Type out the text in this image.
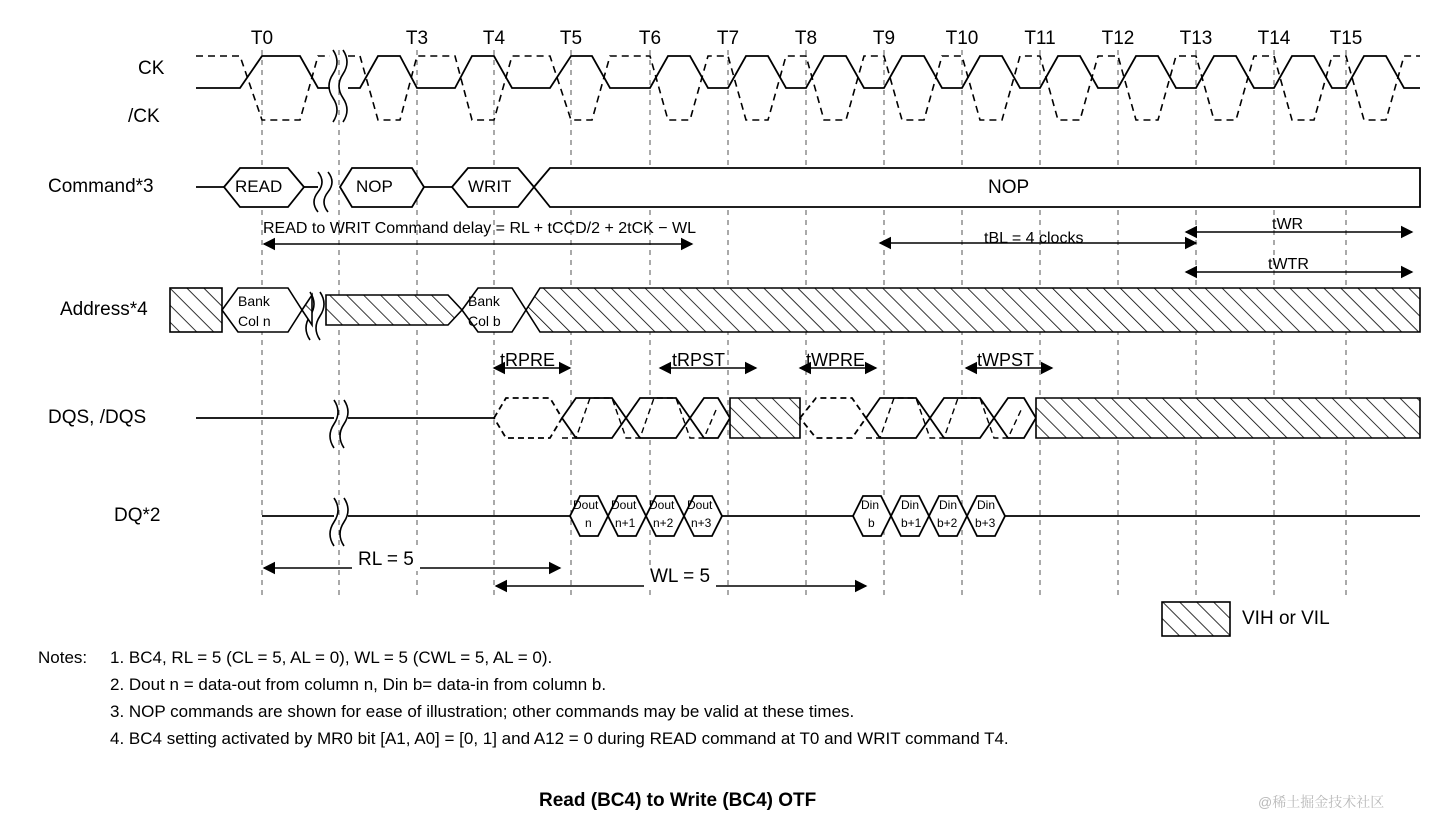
T0	T3	T4	T5	T6	T7	T8	T9	T10	T11	T12	T13	T14	T15
CK
/CK
Command*3
Address*4
DQS, /DQS
DQ*2
READ	NOP	WRIT	NOP
Bank
Col n
Bank
Col b
Dout
n
Dout
n+1
Dout
n+2
Dout
n+3
Din
b
Din
b+1
Din
b+2
Din
b+3
READ to WRIT Command delay = RL + tCCD/2 + 2tCK − WL
tBL = 4 clocks
tWR
tWTR
tRPRE	tRPST	tWPRE	tWPST
RL = 5
WL = 5
VIH or VIL
Notes: 1. BC4, RL = 5 (CL = 5, AL = 0), WL = 5 (CWL = 5, AL = 0).
2. Dout n = data-out from column n, Din b= data-in from column b.
3. NOP commands are shown for ease of illustration; other commands may be valid at these times.
4. BC4 setting activated by MR0 bit [A1, A0] = [0, 1] and A12 = 0 during READ command at T0 and WRIT command T4.
Read (BC4) to Write (BC4) OTF	@稀土掘金技术社区
